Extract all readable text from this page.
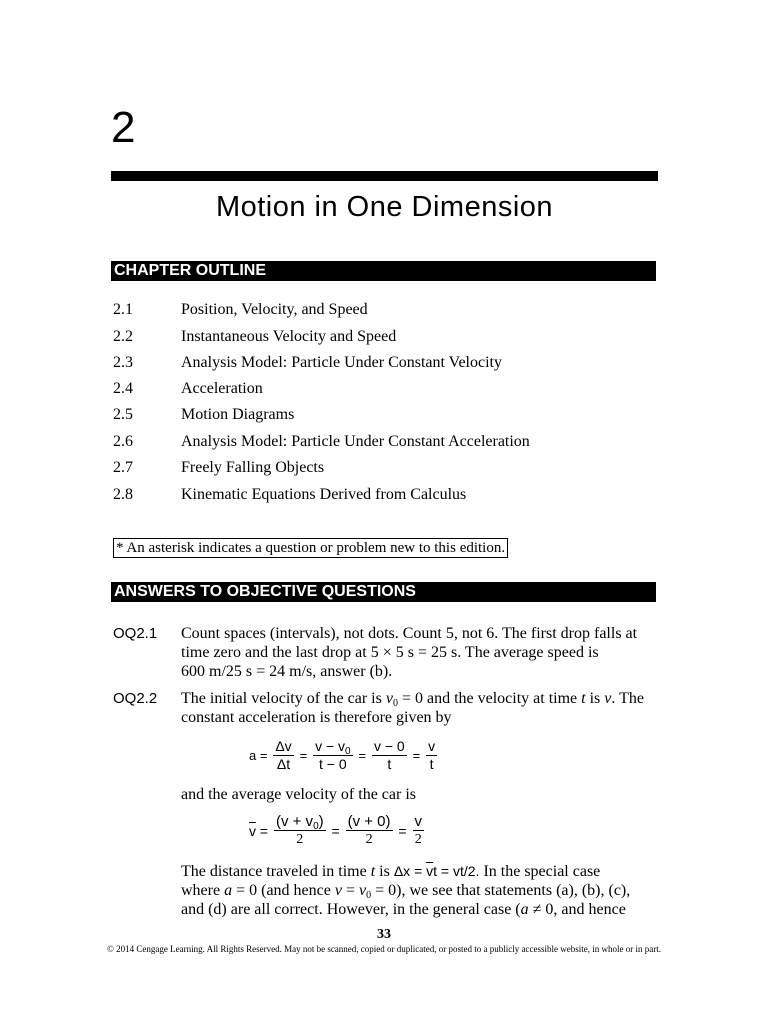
2
Motion in One Dimension
CHAPTER OUTLINE
2.1	Position, Velocity, and Speed
2.2	Instantaneous Velocity and Speed
2.3	Analysis Model: Particle Under Constant Velocity
2.4	Acceleration
2.5	Motion Diagrams
2.6	Analysis Model: Particle Under Constant Acceleration
2.7	Freely Falling Objects
2.8	Kinematic Equations Derived from Calculus
* An asterisk indicates a question or problem new to this edition.
ANSWERS TO OBJECTIVE QUESTIONS
OQ2.1 Count spaces (intervals), not dots. Count 5, not 6. The first drop falls at

time zero and the last drop at 5 × 5 s = 25 s. The average speed is

600 m/25 s = 24 m/s, answer (b).

OQ2.2 The initial velocity of the car is $v_0 = 0$ and the velocity at time t is v. The

constant acceleration is therefore given by

$a = \frac{\Delta v}{\Delta t} = \frac{v - v_0}{t - 0} = \frac{v - 0}{t} = \frac{v}{t}$
and the average velocity of the car is
$\overline{v} = \frac{(v + v_0)}{2} = \frac{(v + 0)}{2} = \frac{v}{2}$

The distance traveled in time t is $\Delta x = \overline{v}t = vt/2$. In the special case

where a = 0 (and hence $v = v_0 = 0$), we see that statements (a), (b), (c),

and (d) are all correct. However, in the general case (a ≠ 0, and hence

33
© 2014 Cengage Learning. All Rights Reserved. May not be scanned, copied or duplicated, or posted to a publicly accessible website, in whole or in part.
